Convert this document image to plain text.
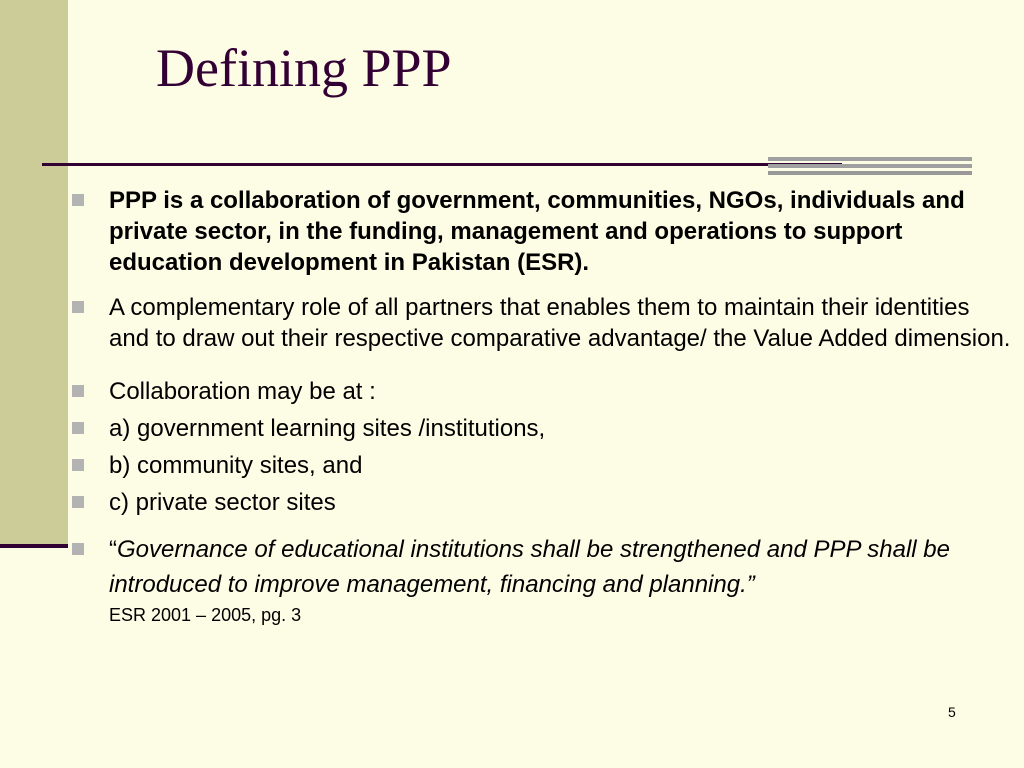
Defining PPP
PPP is a collaboration of government, communities, NGOs, individuals and private sector, in the funding, management and operations to support education development in Pakistan (ESR).
A complementary role of all partners that enables them to maintain their identities and to draw out their respective comparative advantage/ the Value Added dimension.
Collaboration may be at :
a) government learning sites /institutions,
b) community sites, and
c) private sector sites
“Governance of educational institutions shall be strengthened and PPP shall be introduced to improve management, financing and planning.”
ESR 2001 – 2005, pg. 3
5
